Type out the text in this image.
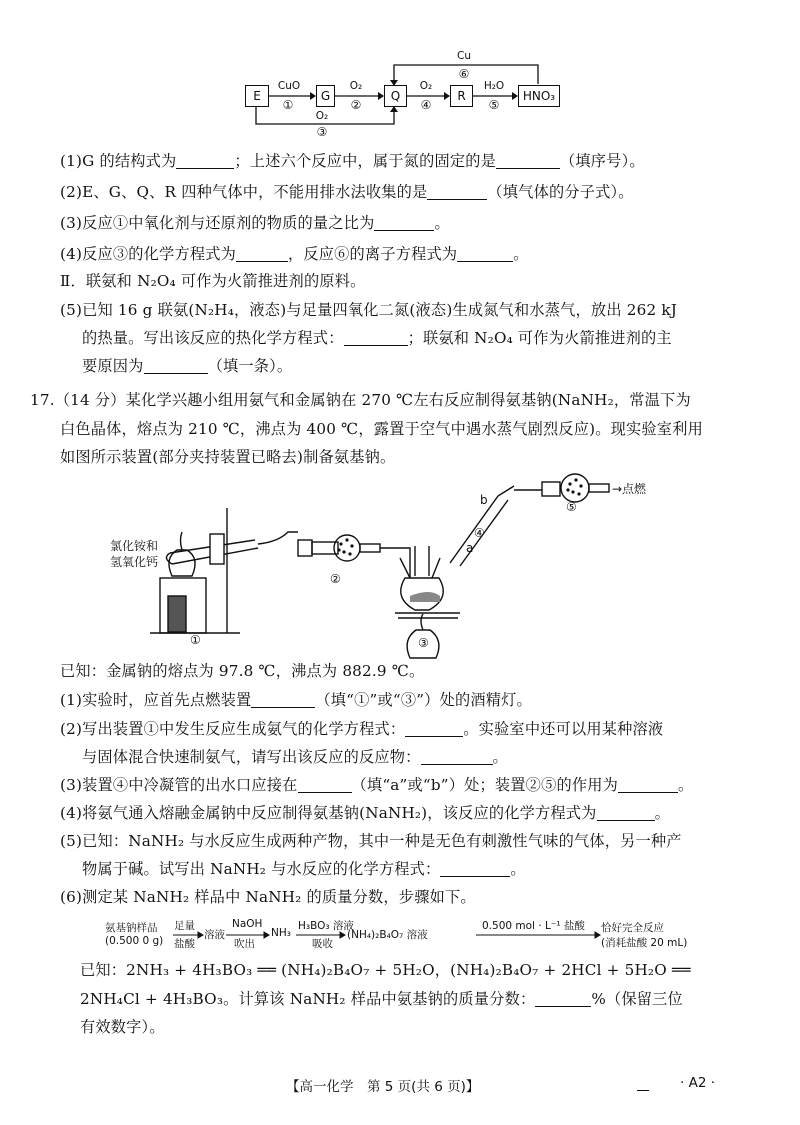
E	G	Q	R	HNO₃
CuO
①
O₂
②
O₂
④
H₂O
⑤
Cu
⑥
O₂
③
(1)G 的结构式为	；上述六个反应中，属于氮的固定的是	（填序号）。
(2)E、G、Q、R 四种气体中，不能用排水法收集的是	（填气体的分子式）。
(3)反应①中氧化剂与还原剂的物质的量之比为	。
(4)反应③的化学方程式为	，反应⑥的离子方程式为	。
Ⅱ．联氨和 N₂O₄ 可作为火箭推进剂的原料。
(5)已知 16 g 联氨(N₂H₄，液态)与足量四氧化二氮(液态)生成氮气和水蒸气，放出 262 kJ
的热量。写出该反应的热化学方程式：	；联氨和 N₂O₄ 可作为火箭推进剂的主
要原因为	（填一条）。
17.（14 分）某化学兴趣小组用氨气和金属钠在 270 ℃左右反应制得氨基钠(NaNH₂，常温下为
白色晶体，熔点为 210 ℃，沸点为 400 ℃，露置于空气中遇水蒸气剧烈反应)。现实验室利用
如图所示装置(部分夹持装置已略去)制备氨基钠。
氯化铵和
氢氧化钙
①
②
③
④
⑤
a
b
→点燃
已知：金属钠的熔点为 97.8 ℃，沸点为 882.9 ℃。
(1)实验时，应首先点燃装置	（填“①”或“③”）处的酒精灯。
(2)写出装置①中发生反应生成氨气的化学方程式：	。实验室中还可以用某种溶液
与固体混合快速制氨气，请写出该反应的反应物：	。
(3)装置④中冷凝管的出水口应接在	（填“a”或“b”）处；装置②⑤的作用为	。
(4)将氨气通入熔融金属钠中反应制得氨基钠(NaNH₂)，该反应的化学方程式为	。
(5)已知：NaNH₂ 与水反应生成两种产物，其中一种是无色有刺激性气味的气体，另一种产
物属于碱。试写出 NaNH₂ 与水反应的化学方程式：	。
(6)测定某 NaNH₂ 样品中 NaNH₂ 的质量分数，步骤如下。
氨基钠样品
(0.500 0 g)
足量
盐酸
溶液
NaOH
吹出
NH₃
H₃BO₃ 溶液
吸收
(NH₄)₂B₄O₇ 溶液
0.500 mol · L⁻¹ 盐酸 恰好完全反应
(消耗盐酸 20 mL)
已知：2NH₃ + 4H₃BO₃ ══ (NH₄)₂B₄O₇ + 5H₂O，(NH₄)₂B₄O₇ + 2HCl + 5H₂O ══
2NH₄Cl + 4H₃BO₃。计算该 NaNH₂ 样品中氨基钠的质量分数：	%（保留三位
有效数字）。
【高一化学　第 5 页(共 6 页)】	· A2 ·
